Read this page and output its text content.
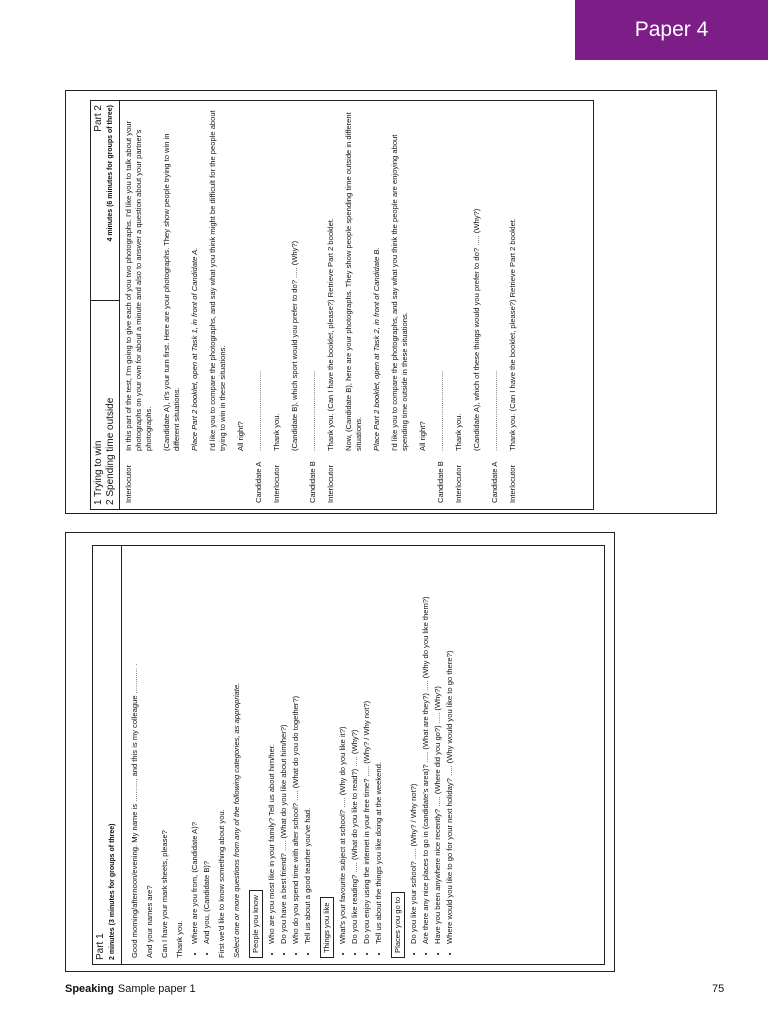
Paper 4
1 Trying to win 2 Spending time outside
Part 2 4 minutes (6 minutes for groups of three)
Interlocutor

In this part of the test, I'm going to give each of you two photographs. I'd like you to talk about your photographs on your own for about a minute and also to answer a question about your partner's photographs. (Candidate A), it's your turn first. Here are your photographs. They show people trying to win in different situations. Place Part 2 booklet, open at Task 1, in front of Candidate A. I'd like you to compare the photographs, and say what you think might be difficult for the people about trying to win in these situations. All right?

Candidate A

......................................

Interlocutor

Thank you. (Candidate B), which sport would you prefer to do? ..... (Why?)

Candidate B

......................................

Interlocutor

Thank you. (Can I have the booklet, please?) Retrieve Part 2 booklet. Now, (Candidate B), here are your photographs. They show people spending time outside in different situations. Place Part 2 booklet, open at Task 2, in front of Candidate B. I'd like you to compare the photographs, and say what you think the people are enjoying about spending time outside in these situations. All right?

Candidate B

......................................

Interlocutor

Thank you. (Candidate A), which of these things would you prefer to do? ..... (Why?)

Candidate A

......................................

Interlocutor

Thank you. (Can I have the booklet, please?) Retrieve Part 2 booklet.

Part 1 2 minutes (3 minutes for groups of three)	Good morning/afternoon/evening. My name is ........... and this is my colleague ............ . And your names are? Can I have your mark sheets, please? Thank you. • Where are you from, (Candidate A)? • And you, (Candidate B)? First we'd like to know something about you. Select one or more questions from any of the following categories, as appropriate.	People you know • Who are you most like in your family? Tell us about him/her. • Do you have a best friend? ..... (What do you like about him/her?) • Who do you spend time with after school? ..... (What do you do together?) • Tell us about a good teacher you've had. Things you like • What's your favourite subject at school? ..... (Why do you like it?) • Do you like reading? ..... (What do you like to read?) ..... (Why?) • Do you enjoy using the internet in your free time? ..... (Why? / Why not?) • Tell us about the things you like doing at the weekend. Places you go to • Do you like your school? ..... (Why? / Why not?) • Are there any nice places to go in (candidate's area)? ..... (What are they?) ..... (Why do you like them?) • Have you been anywhere nice recently? ..... (Where did you go?) ..... (Why?) • Where would you like to go for your next holiday? ..... (Why would you like to go there?)
Speaking Sample paper 1	75
